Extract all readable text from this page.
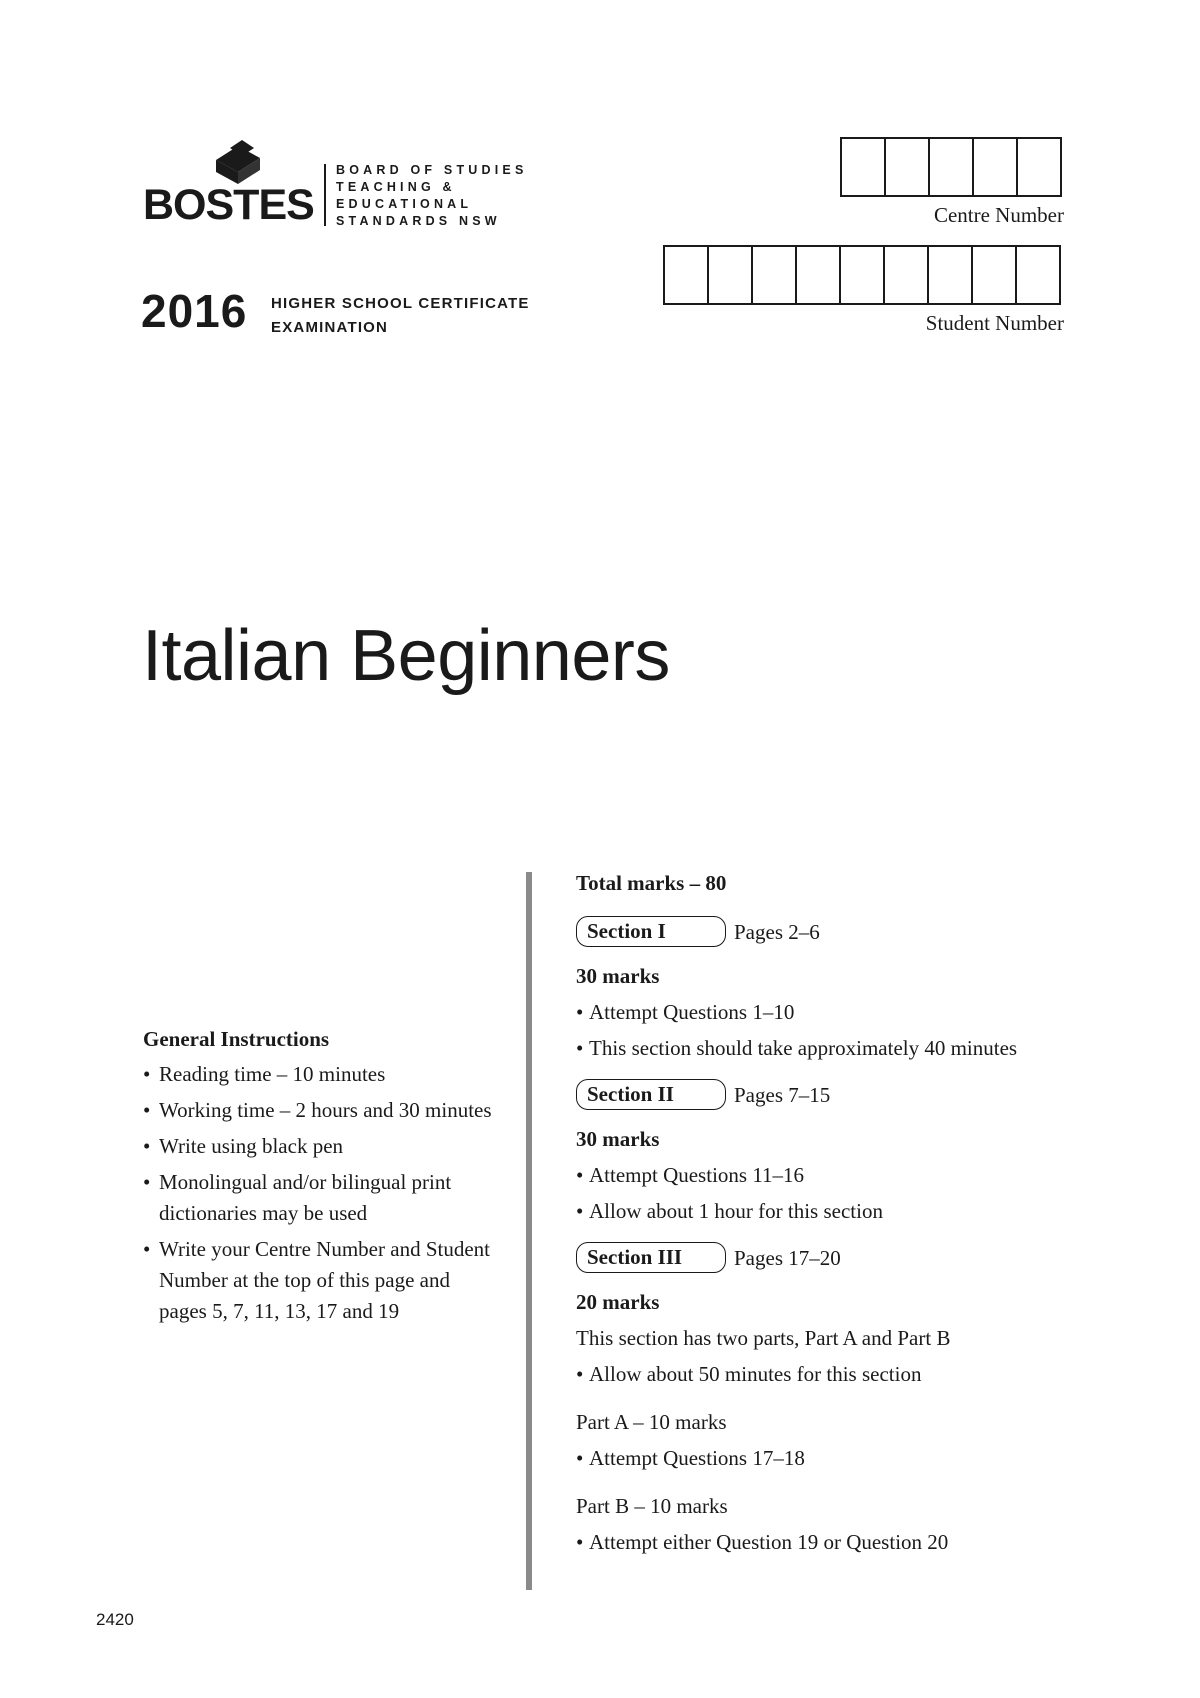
BOSTES
BOARD OF STUDIES
TEACHING &
EDUCATIONAL
STANDARDS NSW
2016 HIGHER SCHOOL CERTIFICATE
EXAMINATION
Centre Number
Student Number
Italian Beginners
General Instructions
• Reading time – 10 minutes
• Working time – 2 hours and 30 minutes
• Write using black pen
• Monolingual and/or bilingual print dictionaries may be used
• Write your Centre Number and Student Number at the top of this page and pages 5, 7, 11, 13, 17 and 19
Total marks – 80
Section I	Pages 2–6
30 marks
• Attempt Questions 1–10
• This section should take approximately 40 minutes
Section II	Pages 7–15
30 marks
• Attempt Questions 11–16
• Allow about 1 hour for this section
Section III	Pages 17–20
20 marks
This section has two parts, Part A and Part B
• Allow about 50 minutes for this section
Part A – 10 marks
• Attempt Questions 17–18
Part B – 10 marks
• Attempt either Question 19 or Question 20
2420
